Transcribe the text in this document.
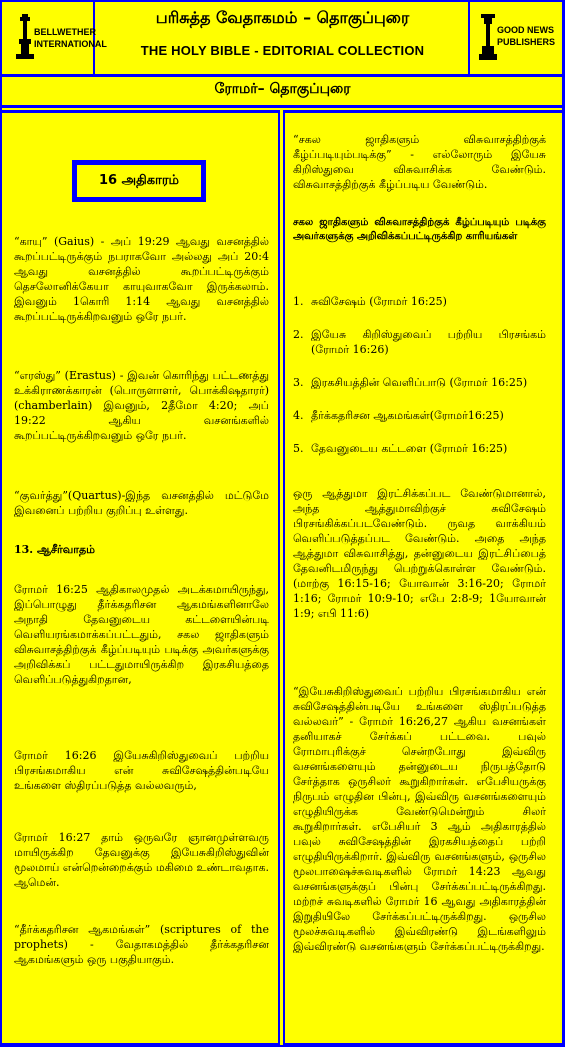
BELLWETHER
INTERNATIONAL
பரிசுத்த வேதாகமம் – தொகுப்புரை
THE HOLY BIBLE - EDITORIAL COLLECTION
GOOD NEWS
PUBLISHERS
ரோமர்– தொகுப்புரை
16 அதிகாரம்

“காயு” (Gaius) - அப் 19:29 ஆவது வசனத்தில் கூறப்பட்டிருக்கும் நபராகவோ அல்லது அப் 20:4 ஆவது வசனத்தில் கூறப்பட்டிருக்கும் தெசலோனிக்கேயா காயுவாகவோ இருக்கலாம். இவனும் 1கொரி 1:14 ஆவது வசனத்தில் கூறப்பட்டிருக்கிறவனும் ஒரே நபர்.

“எரஸ்து” (Erastus) - இவன் கொரிந்து பட்டணத்து உக்கிராணக்காரன் (பொருளாளர், பொக்கிஷதாரர்) (chamberlain) இவனும், 2தீமோ 4:20; அப் 19:22 ஆகிய வசனங்களில் கூறப்பட்டிருக்கிறவனும் ஒரே நபர்.

“குவர்த்து”(Quartus)-இந்த வசனத்தில் மட்டுமே இவனைப் பற்றிய குறிப்பு உள்ளது.

13. ஆசீர்வாதம்

ரோமர் 16:25 ஆதிகாலமுதல் அடக்கமாயிருந்து, இப்பொழுது தீர்க்கதரிசன ஆகமங்களினாலே அநாதி தேவனுடைய கட்டளையின்படி வெளியரங்கமாக்கப்பட்டதும், சகல ஜாதிகளும் விசுவாசத்திற்குக் கீழ்ப்படியும் படிக்கு அவர்களுக்கு அறிவிக்கப் பட்டதுமாயிருக்கிற இரகசியத்தை வெளிப்படுத்துகிறதான,

ரோமர் 16:26 இயேசுகிறிஸ்துவைப் பற்றிய பிரசங்கமாகிய என் சுவிசேஷத்தின்படியே உங்களை ஸ்திரப்படுத்த வல்லவரும்,

ரோமர் 16:27 தாம் ஒருவரே ஞானமுள்ளவரு மாயிருக்கிற தேவனுக்கு இயேசுகிறிஸ்துவின் மூலமாய் என்றென்றைக்கும் மகிமை உண்டாவதாக. ஆமென்.

“தீர்க்கதரிசன ஆகமங்கள்” (scriptures of the prophets) - வேதாகமத்தில் தீர்க்கதரிசன ஆகமங்களும் ஒரு பகுதியாகும்.

“சகல ஜாதிகளும் விசுவாசத்திற்குக் கீழ்ப்படியும்படிக்கு” - எல்லோரும் இயேசு கிறிஸ்துவை விசுவாசிக்க வேண்டும். விசுவாசத்திற்குக் கீழ்ப்படிய வேண்டும்.

சகல ஜாதிகளும் விசுவாசத்திற்குக் கீழ்ப்படியும் படிக்கு அவர்களுக்கு அறிவிக்கப்பட்டிருக்கிற காரியங்கள்
1. சுவிசேஷம் (ரோமர் 16:25)
2. இயேசு கிறிஸ்துவைப் பற்றிய பிரசங்கம் (ரோமர் 16:26)
3. இரகசியத்தின் வெளிப்பாடு (ரோமர் 16:25)
4. தீர்க்கதரிசன ஆகமங்கள்(ரோமர்16:25)
5. தேவனுடைய கட்டளை (ரோமர் 16:25)

ஒரு ஆத்துமா இரட்சிக்கப்பட வேண்டுமானால், அந்த ஆத்துமாவிற்குச் சுவிசேஷம் பிரசங்கிக்கப்படவேண்டும். ருவத வாக்கியம் வெளிப்படுத்தப்பட வேண்டும். அதை அந்த ஆத்துமா விசுவாசித்து, தன்னுடைய இரட்சிப்பைத் தேவனிடமிருந்து பெற்றுக்கொள்ள வேண்டும்.(மாற்கு 16:15-16; யோவான் 3:16-20; ரோமர் 1:16; ரோமர் 10:9-10; எபே 2:8-9; 1யோவான் 1:9; எபி 11:6)

“இயேசுகிறிஸ்துவைப் பற்றிய பிரசங்கமாகிய என் சுவிசேஷத்தின்படியே உங்களை ஸ்திரப்படுத்த வல்லவர்” - ரோமர் 16:26,27 ஆகிய வசனங்கள் தனியாகச் சேர்க்கப் பட்டவை. பவுல் ரோமாபுரிக்குச் சென்றபோது இவ்விரு வசனங்களையும் தன்னுடைய நிருபத்தோடு சேர்த்தாக ஒருசிலர் கூறுகிறார்கள். எபேசியருக்கு நிருபம் எழுதின பின்பு, இவ்விரு வசனங்களையும் எழுதியிருக்க வேண்டுமென்றும் சிலர் கூறுகிறார்கள். எபேசியர் 3 ஆம் அதிகாரத்தில் பவுல் சுவிசேஷத்தின் இரகசியத்தைப் பற்றி எழுதியிருக்கிறார். இவ்விரு வசனங்களும், ஒருசில மூலபாஷைச்சுவடிகளில் ரோமர் 14:23 ஆவது வசனங்களுக்குப் பின்பு சேர்க்கப்பட்டிருக்கிறது. மற்றச் சுவடிகளில் ரோமர் 16 ஆவது அதிகாரத்தின் இறுதியிலே சேர்க்கப்பட்டிருக்கிறது. ஒருசில மூலச்சுவடிகளில் இவ்விரண்டு இடங்களிலும் இவ்விரண்டு வசனங்களும் சேர்க்கப்பட்டிருக்கிறது.
